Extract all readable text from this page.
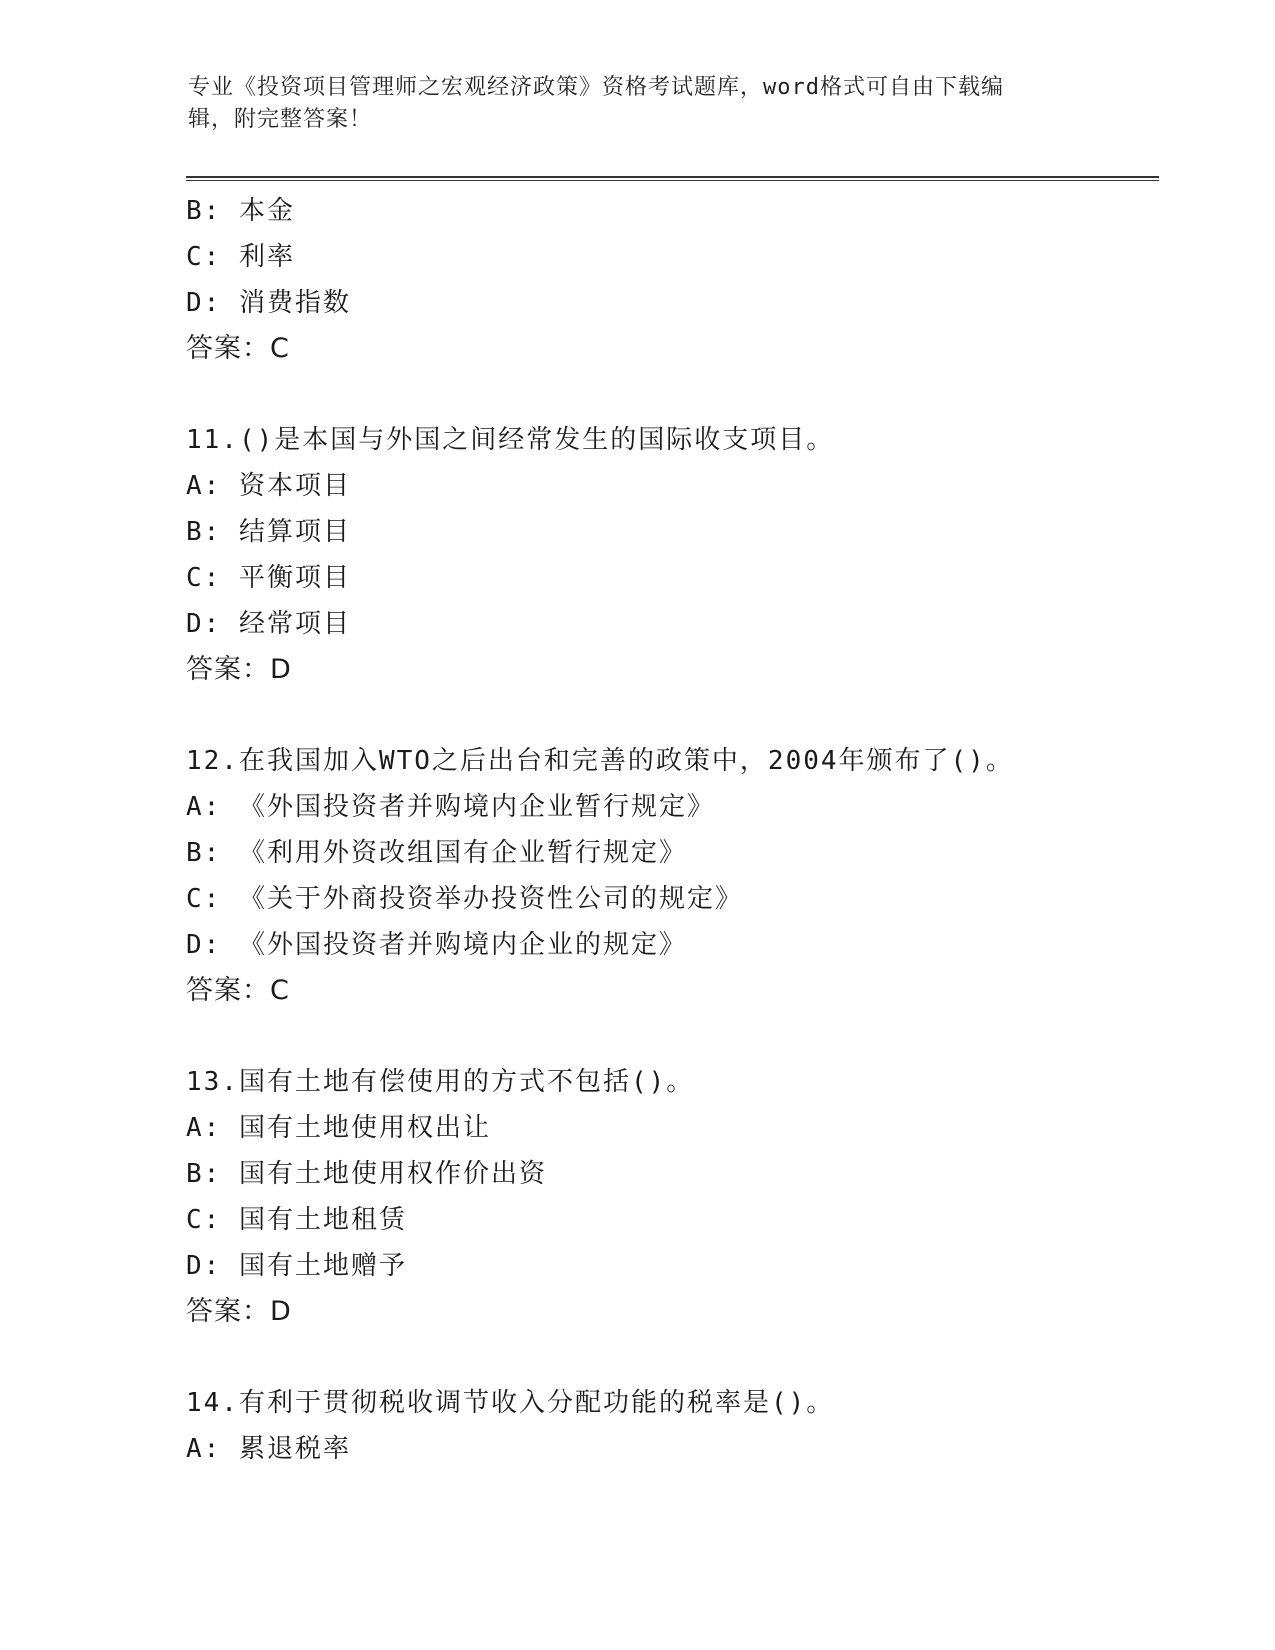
专业《投资项目管理师之宏观经济政策》资格考试题库，word格式可自由下载编
辑，附完整答案！
B: 本金
C: 利率
D: 消费指数
答案：C
11.()是本国与外国之间经常发生的国际收支项目。
A: 资本项目
B: 结算项目
C: 平衡项目
D: 经常项目
答案：D
12.在我国加入WTO之后出台和完善的政策中，2004年颁布了()。
A: 《外国投资者并购境内企业暂行规定》
B: 《利用外资改组国有企业暂行规定》
C: 《关于外商投资举办投资性公司的规定》
D: 《外国投资者并购境内企业的规定》
答案：C
13.国有土地有偿使用的方式不包括()。
A: 国有土地使用权出让
B: 国有土地使用权作价出资
C: 国有土地租赁
D: 国有土地赠予
答案：D
14.有利于贯彻税收调节收入分配功能的税率是()。
A: 累退税率
